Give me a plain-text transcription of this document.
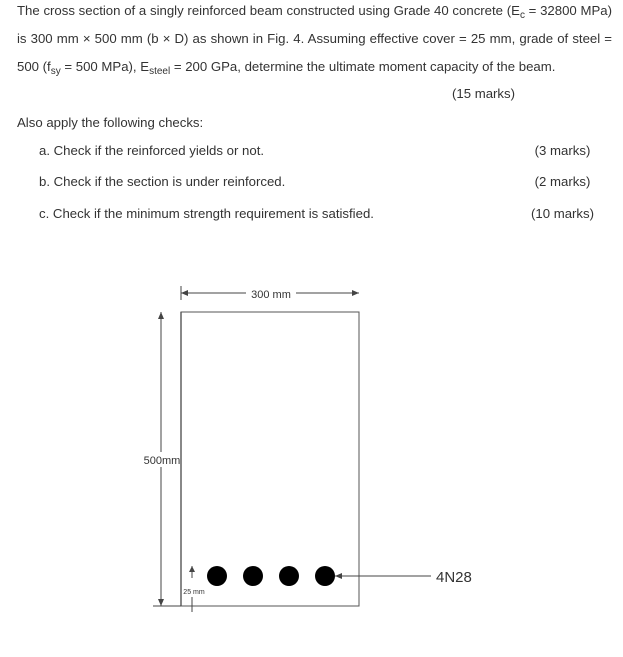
The cross section of a singly reinforced beam constructed using Grade 40 concrete ($E_c = 32800$ MPa) is 300 mm × 500 mm (b × D) as shown in Fig. 4. Assuming effective cover = 25 mm, grade of steel = 500 ($f_{sy} = 500$ MPa), $E_{steel} = 200$ GPa, determine the ultimate moment capacity of the beam.

(15 marks)
Also apply the following checks:
a. Check if the reinforced yields or not.	(3 marks)
b. Check if the section is under reinforced.	(2 marks)
c. Check if the minimum strength requirement is satisfied.	(10 marks)
300 mm
500mm
25 mm
4N28
